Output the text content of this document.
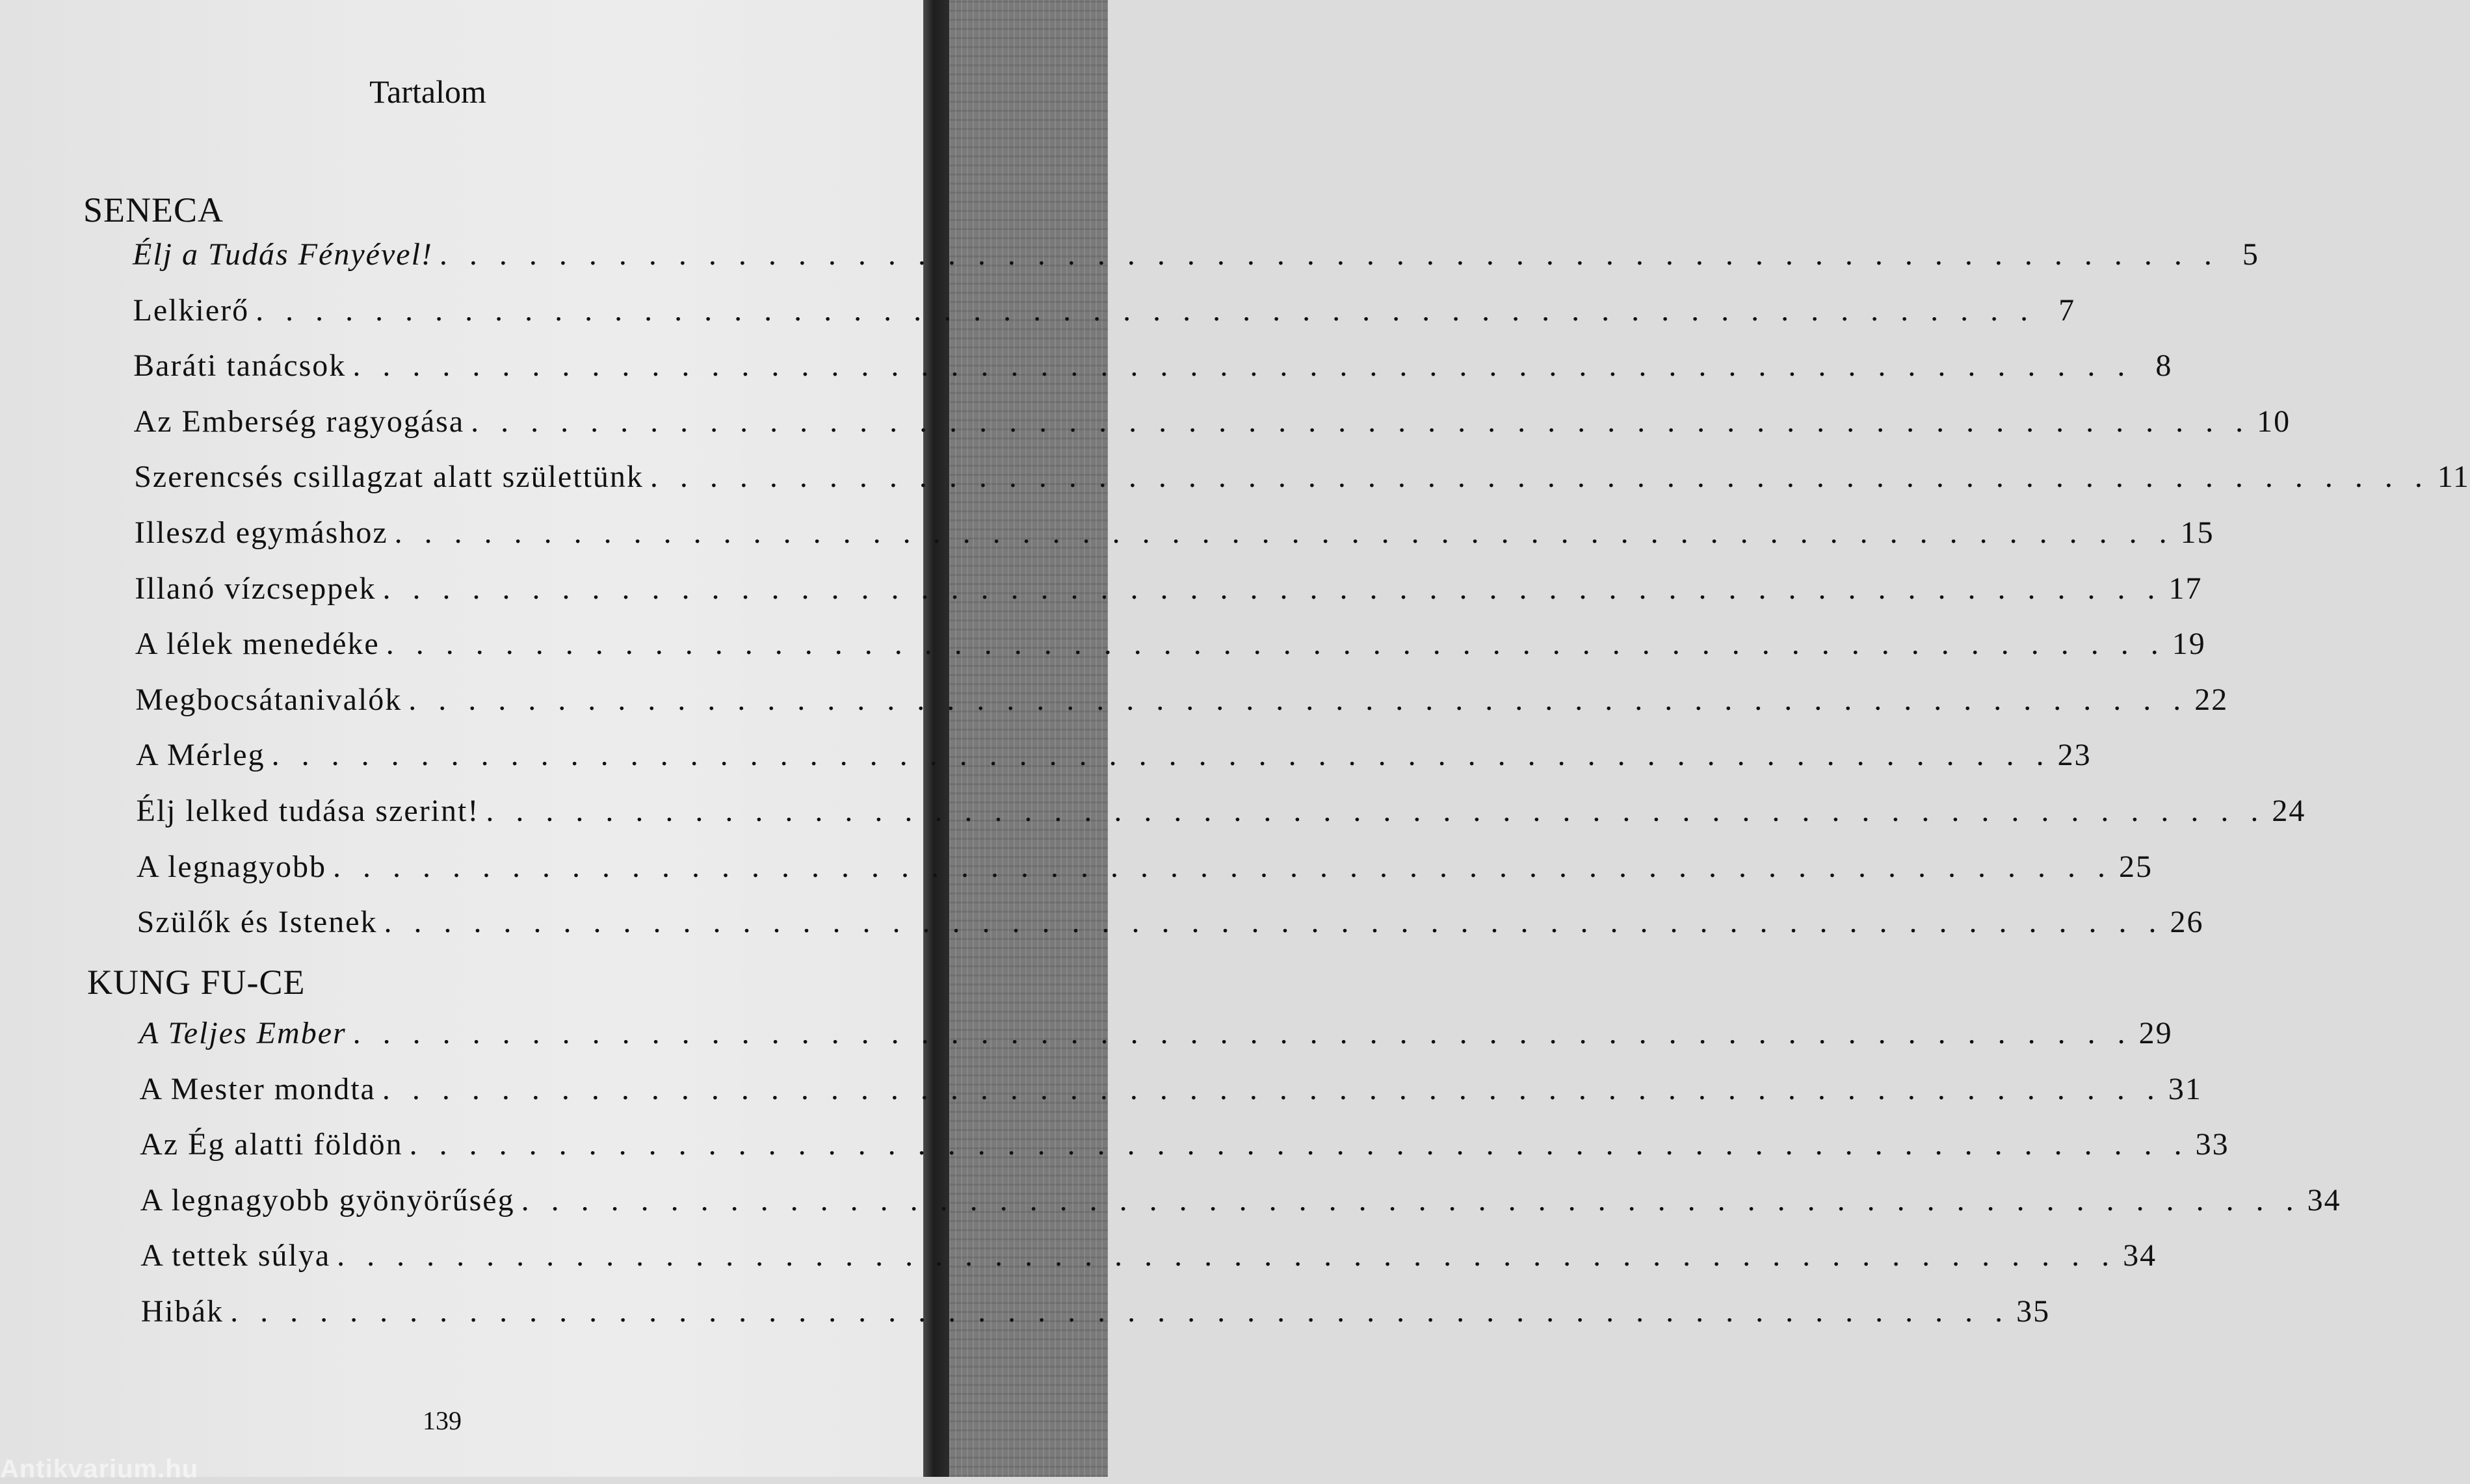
Tartalom
SENECA
Élj a Tudás Fényével! . . . . . . . . . . . . . . . . . . . . . . . . . . . . . . . . . . . . . . . . . . . . . . . . . . . . . . . . . . . . 5
Lelkierő . . . . . . . . . . . . . . . . . . . . . . . . . . . . . . . . . . . . . . . . . . . . . . . . . . . . . . . . . . . . 7
Baráti tanácsok . . . . . . . . . . . . . . . . . . . . . . . . . . . . . . . . . . . . . . . . . . . . . . . . . . . . . . . . . . . . 8
Az Emberség ragyogása . . . . . . . . . . . . . . . . . . . . . . . . . . . . . . . . . . . . . . . . . . . . . . . . . . . . . . . . . . . . 10
Szerencsés csillagzat alatt születtünk . . . . . . . . . . . . . . . . . . . . . . . . . . . . . . . . . . . . . . . . . . . . . . . . . . . . . . . . . . . . 11
Illeszd egymáshoz . . . . . . . . . . . . . . . . . . . . . . . . . . . . . . . . . . . . . . . . . . . . . . . . . . . . . . . . . . . . 15
Illanó vízcseppek . . . . . . . . . . . . . . . . . . . . . . . . . . . . . . . . . . . . . . . . . . . . . . . . . . . . . . . . . . . . 17
A lélek menedéke . . . . . . . . . . . . . . . . . . . . . . . . . . . . . . . . . . . . . . . . . . . . . . . . . . . . . . . . . . . . 19
Megbocsátanivalók . . . . . . . . . . . . . . . . . . . . . . . . . . . . . . . . . . . . . . . . . . . . . . . . . . . . . . . . . . . . 22
A Mérleg . . . . . . . . . . . . . . . . . . . . . . . . . . . . . . . . . . . . . . . . . . . . . . . . . . . . . . . . . . . . 23
Élj lelked tudása szerint! . . . . . . . . . . . . . . . . . . . . . . . . . . . . . . . . . . . . . . . . . . . . . . . . . . . . . . . . . . . . 24
A legnagyobb . . . . . . . . . . . . . . . . . . . . . . . . . . . . . . . . . . . . . . . . . . . . . . . . . . . . . . . . . . . . 25
Szülők és Istenek . . . . . . . . . . . . . . . . . . . . . . . . . . . . . . . . . . . . . . . . . . . . . . . . . . . . . . . . . . . . 26
KUNG FU-CE
A Teljes Ember . . . . . . . . . . . . . . . . . . . . . . . . . . . . . . . . . . . . . . . . . . . . . . . . . . . . . . . . . . . . 29
A Mester mondta . . . . . . . . . . . . . . . . . . . . . . . . . . . . . . . . . . . . . . . . . . . . . . . . . . . . . . . . . . . . 31
Az Ég alatti földön . . . . . . . . . . . . . . . . . . . . . . . . . . . . . . . . . . . . . . . . . . . . . . . . . . . . . . . . . . . . 33
A legnagyobb gyönyörűség . . . . . . . . . . . . . . . . . . . . . . . . . . . . . . . . . . . . . . . . . . . . . . . . . . . . . . . . . . . . 34
A tettek súlya . . . . . . . . . . . . . . . . . . . . . . . . . . . . . . . . . . . . . . . . . . . . . . . . . . . . . . . . . . . . 34
Hibák . . . . . . . . . . . . . . . . . . . . . . . . . . . . . . . . . . . . . . . . . . . . . . . . . . . . . . . . . . . . 35
139
Antikvarium.hu
